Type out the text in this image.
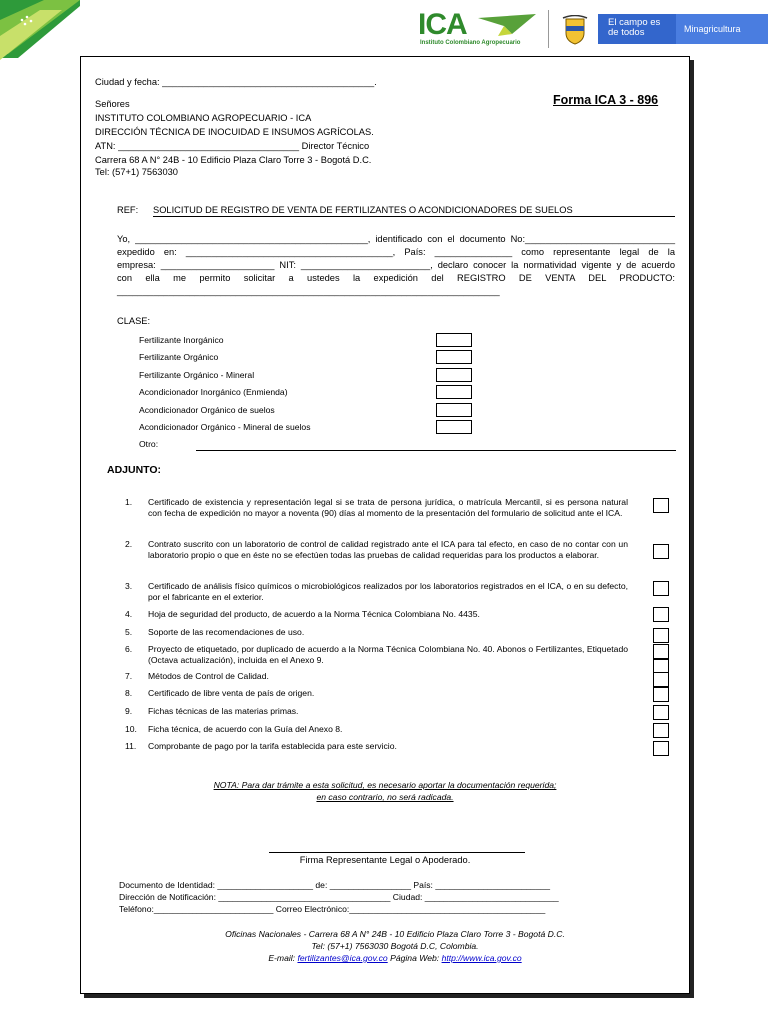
ICA
Instituto Colombiano Agropecuario
El campo es de todos	Minagricultura
Ciudad y fecha: _________________________________________.
Forma ICA 3 - 896
Señores
INSTITUTO COLOMBIANO AGROPECUARIO - ICA
DIRECCIÓN TÉCNICA DE INOCUIDAD E INSUMOS AGRÍCOLAS.
ATN: ___________________________________ Director Técnico
Carrera 68 A N° 24B - 10 Edificio Plaza Claro Torre 3 - Bogotá D.C.
Tel: (57+1) 7563030
REF: SOLICITUD DE REGISTRO DE VENTA DE FERTILIZANTES O ACONDICIONADORES DE SUELOS
Yo, _____________________________________________, identificado con el documento No:_____________________________
expedido en: ________________________________________, País: _______________ como representante legal de la
empresa: ______________________ NIT: _________________________, declaro conocer la normatividad vigente y de acuerdo
con ella me permito solicitar a ustedes la expedición del REGISTRO DE VENTA DEL PRODUCTO:
__________________________________________________________________________
CLASE:
Fertilizante Inorgánico
Fertilizante Orgánico
Fertilizante Orgánico - Mineral
Acondicionador Inorgánico (Enmienda)
Acondicionador Orgánico de suelos
Acondicionador Orgánico - Mineral de suelos
Otro:
ADJUNTO:
1. Certificado de existencia y representación legal si se trata de persona jurídica, o matrícula Mercantil, si es persona natural con fecha de expedición no mayor a noventa (90) días al momento de la presentación del formulario de solicitud ante el ICA.
2. Contrato suscrito con un laboratorio de control de calidad registrado ante el ICA para tal efecto, en caso de no contar con un laboratorio propio o que en éste no se efectúen todas las pruebas de calidad requeridas para los productos a elaborar.
3. Certificado de análisis físico químicos o microbiológicos realizados por los laboratorios registrados en el ICA, o en su defecto, por el fabricante en el exterior.
4. Hoja de seguridad del producto, de acuerdo a la Norma Técnica Colombiana No. 4435.
5. Soporte de las recomendaciones de uso.
6. Proyecto de etiquetado, por duplicado de acuerdo a la Norma Técnica Colombiana No. 40. Abonos o Fertilizantes, Etiquetado (Octava actualización), incluida en el Anexo 9.
7. Métodos de Control de Calidad.
8. Certificado de libre venta de país de origen.
9. Fichas técnicas de las materias primas.
10. Ficha técnica, de acuerdo con la Guía del Anexo 8.
11. Comprobante de pago por la tarifa establecida para este servicio.
NOTA: Para dar trámite a esta solicitud, es necesario aportar la documentación requerida;
en caso contrario, no será radicada.
Firma Representante Legal o Apoderado.
Documento de Identidad: ____________________ de: _________________ País: ________________________
Dirección de Notificación: ____________________________________ Ciudad: ____________________________
Teléfono:_________________________ Correo Electrónico:_________________________________________
Oficinas Nacionales - Carrera 68 A N° 24B - 10 Edificio Plaza Claro Torre 3 - Bogotá D.C.
Tel: (57+1) 7563030 Bogotá D.C, Colombia.
E-mail: fertilizantes@ica.gov.co Página Web: http://www.ica.gov.co
